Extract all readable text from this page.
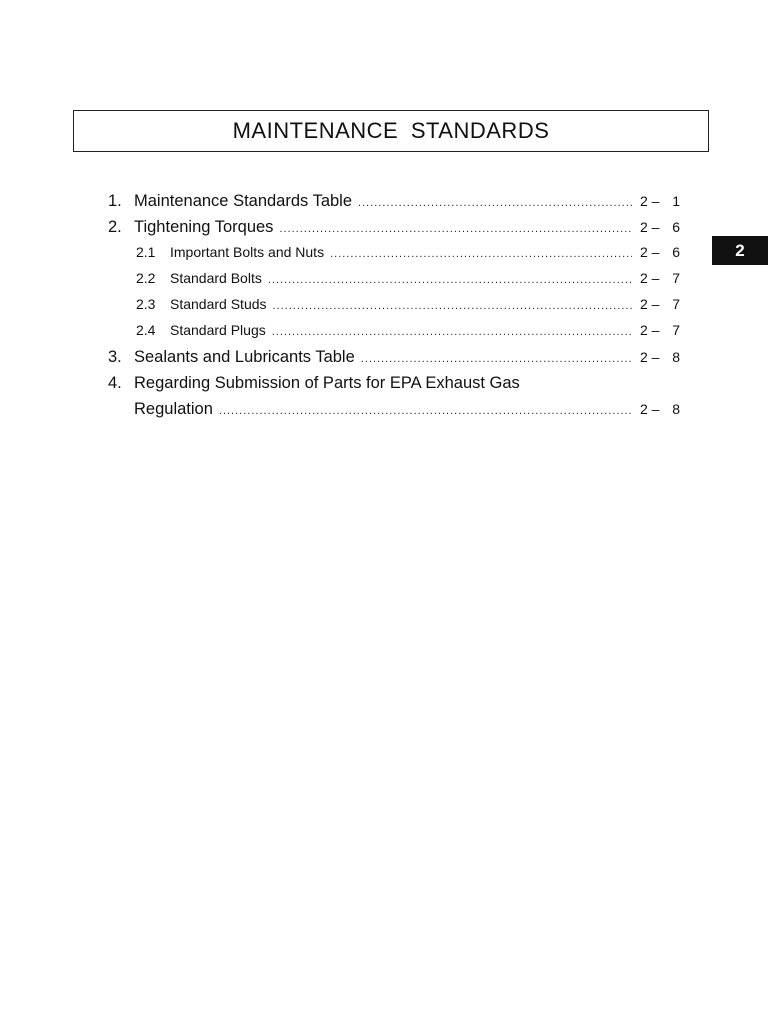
MAINTENANCE STANDARDS
2
1. Maintenance Standards Table .....	2 – 1
2. Tightening Torques .....	2 – 6
2.1	Important Bolts and Nuts .....	2 – 6
2.2	Standard Bolts .....	2 – 7
2.3	Standard Studs .....	2 – 7
2.4	Standard Plugs .....	2 – 7
3. Sealants and Lubricants Table .....	2 – 8
4. Regarding Submission of Parts for EPA Exhaust Gas
Regulation .....	2 – 8
